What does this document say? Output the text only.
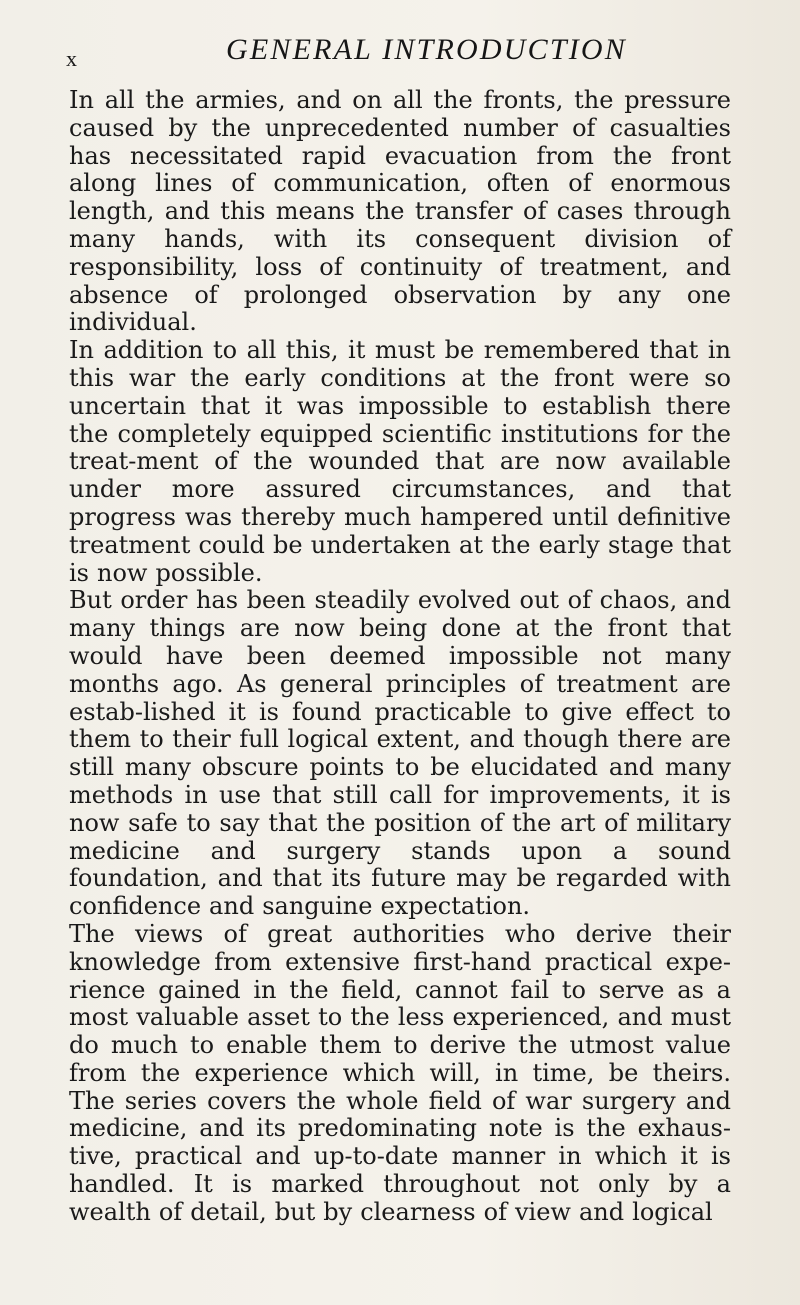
x	GENERAL INTRODUCTION

In all the armies, and on all the fronts, the pressure caused by the unprecedented number of casualties has necessitated rapid evacuation from the front along lines of communication, often of enormous length, and this means the transfer of cases through many hands, with its consequent division of responsibility, loss of continuity of treatment, and absence of prolonged observation by any one individual.

In addition to all this, it must be remembered that in this war the early conditions at the front were so uncertain that it was impossible to establish there the completely equipped scientific institutions for the treat-ment of the wounded that are now available under more assured circumstances, and that progress was thereby much hampered until definitive treatment could be undertaken at the early stage that is now possible.

But order has been steadily evolved out of chaos, and many things are now being done at the front that would have been deemed impossible not many months ago. As general principles of treatment are estab-lished it is found practicable to give effect to them to their full logical extent, and though there are still many obscure points to be elucidated and many methods in use that still call for improvements, it is now safe to say that the position of the art of military medicine and surgery stands upon a sound foundation, and that its future may be regarded with confidence and sanguine expectation.

The views of great authorities who derive their knowledge from extensive first-hand practical expe-rience gained in the field, cannot fail to serve as a most valuable asset to the less experienced, and must do much to enable them to derive the utmost value from the experience which will, in time, be theirs. The series covers the whole field of war surgery and medicine, and its predominating note is the exhaus-tive, practical and up-to-date manner in which it is handled. It is marked throughout not only by a wealth of detail, but by clearness of view and logical
